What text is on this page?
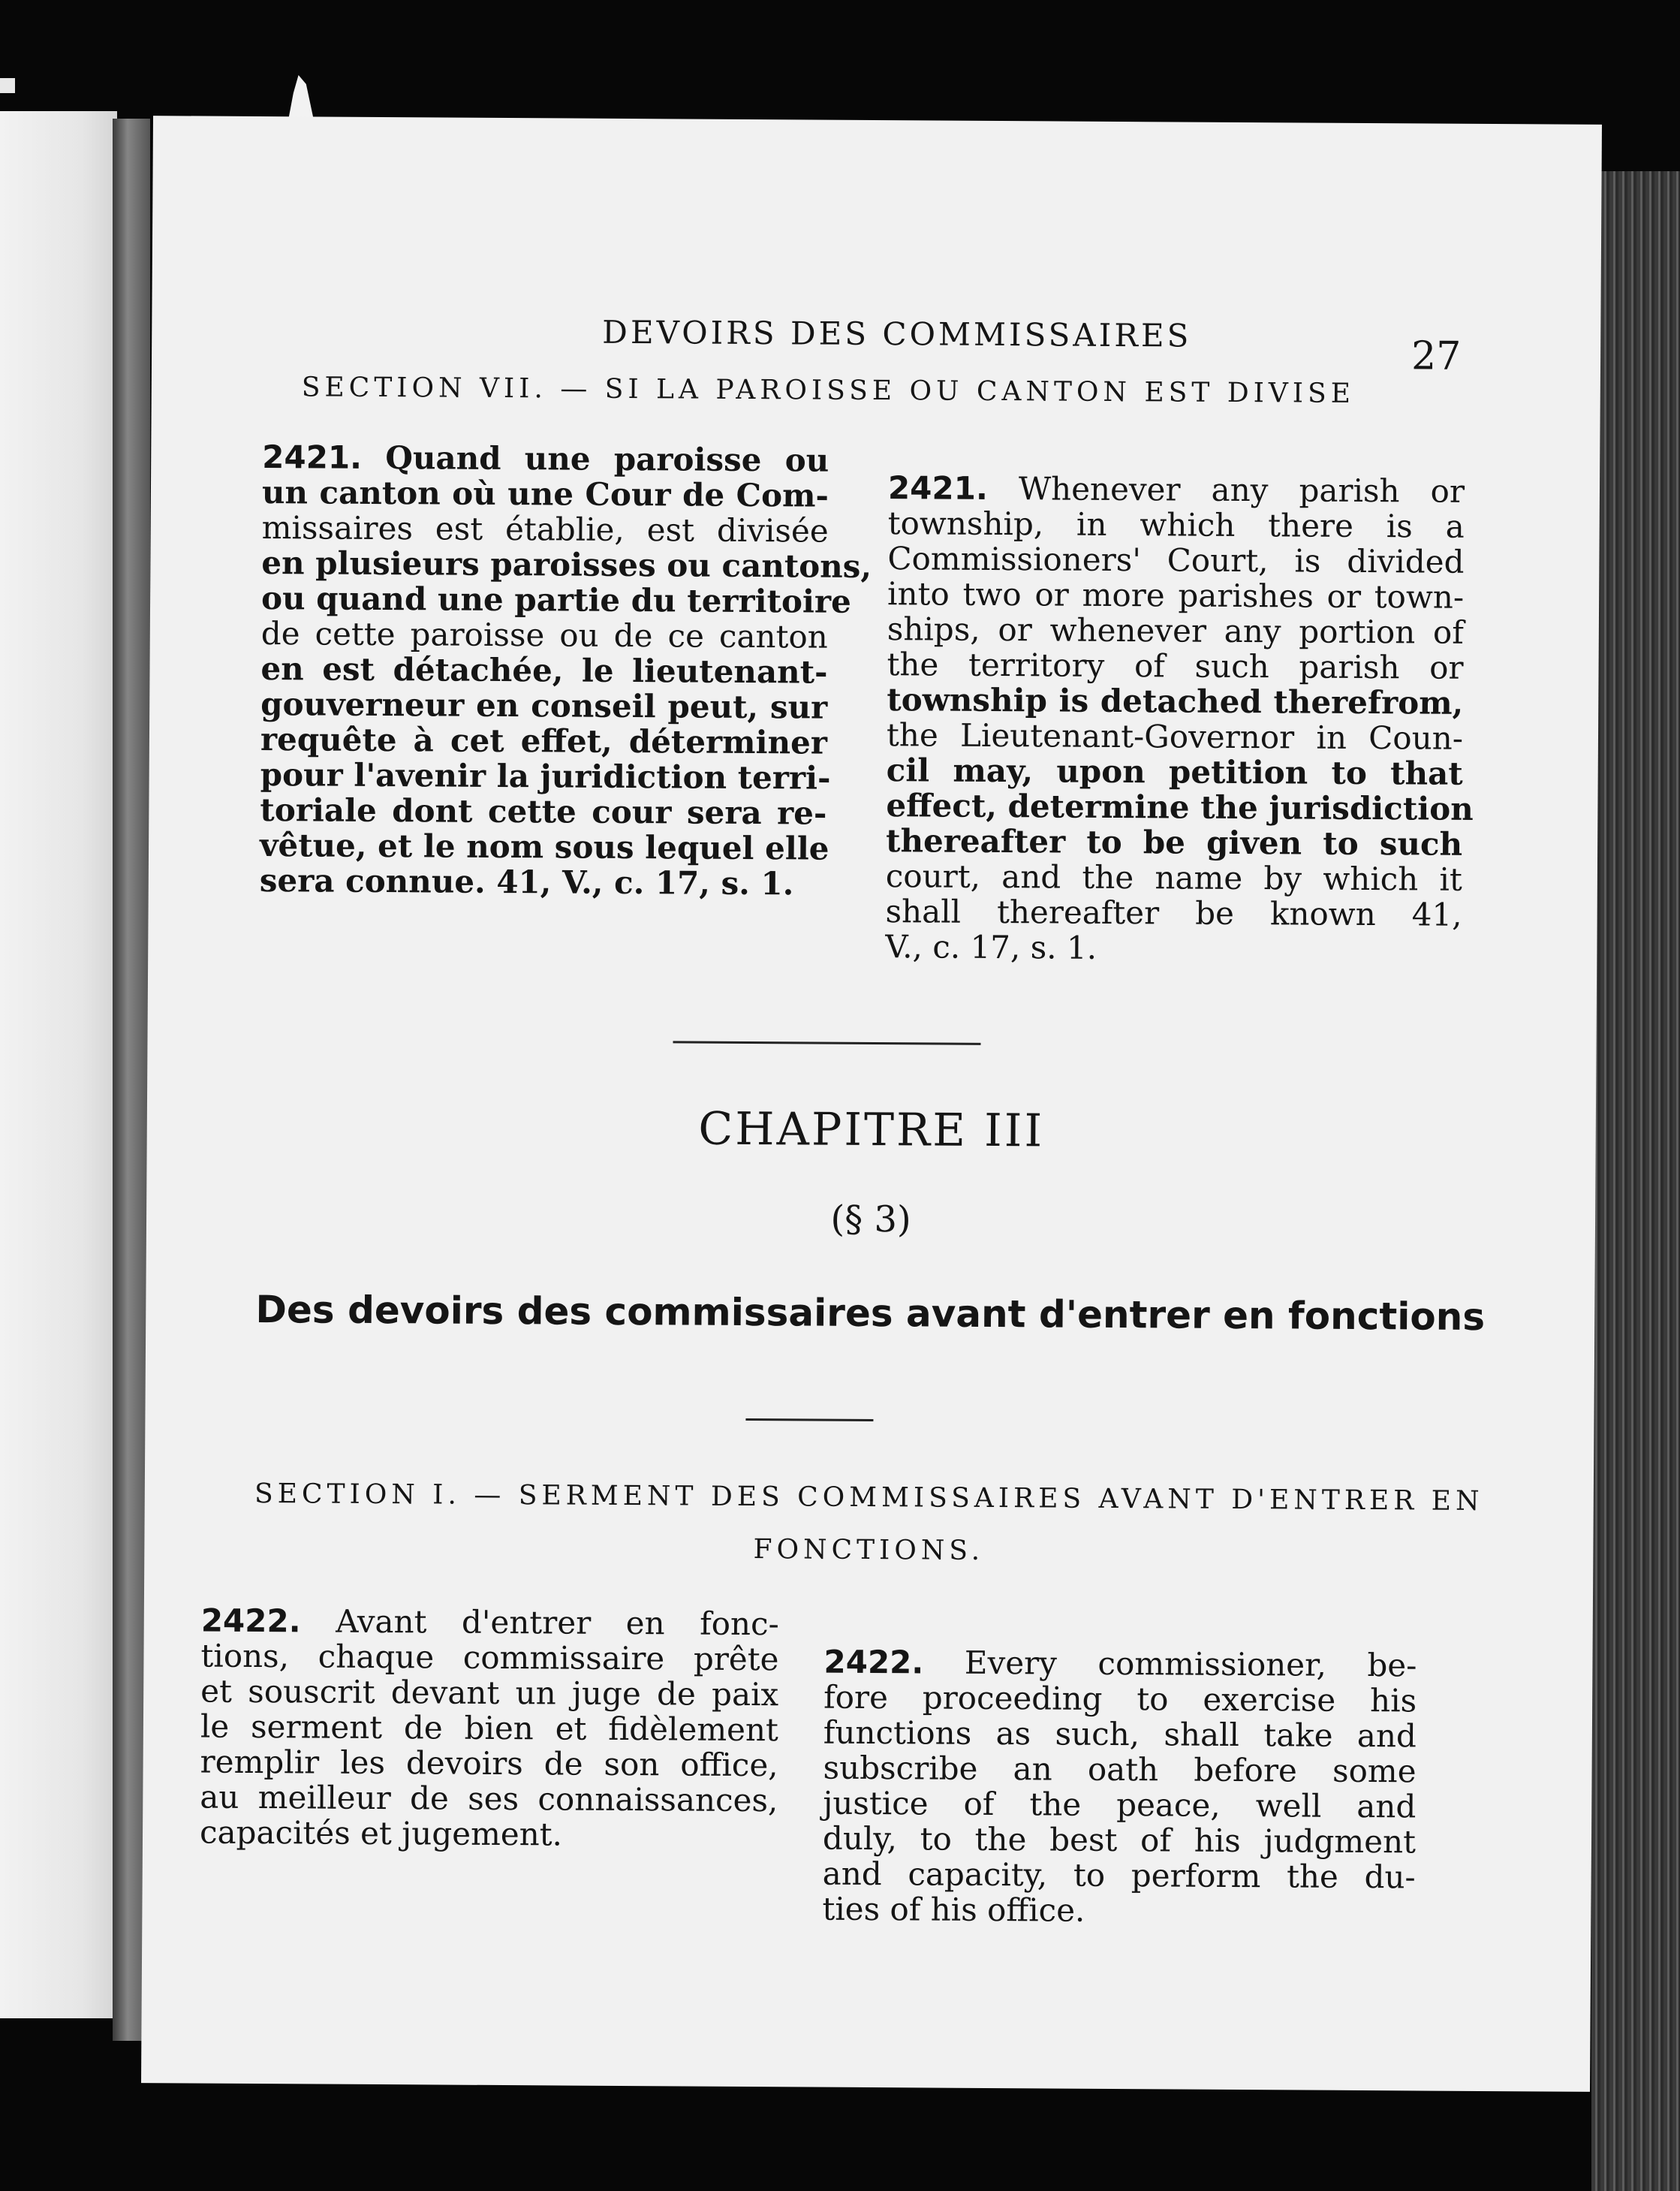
DEVOIRS DES COMMISSAIRES	27
SECTION VII. — SI LA PAROISSE OU CANTON EST DIVISE
2421. Quand une paroisse ou
un canton où une Cour de Com-
missaires est établie, est divisée
en plusieurs paroisses ou cantons,
ou quand une partie du territoire
de cette paroisse ou de ce canton
en est détachée, le lieutenant-
gouverneur en conseil peut, sur
requête à cet effet, déterminer
pour l'avenir la juridiction terri-
toriale dont cette cour sera re-
vêtue, et le nom sous lequel elle
sera connue. 41, V., c. 17, s. 1.
2421. Whenever any parish or
township, in which there is a
Commissioners' Court, is divided
into two or more parishes or town-
ships, or whenever any portion of
the territory of such parish or
township is detached therefrom,
the Lieutenant-Governor in Coun-
cil may, upon petition to that
effect, determine the jurisdiction
thereafter to be given to such
court, and the name by which it
shall thereafter be known 41,
V., c. 17, s. 1.
CHAPITRE III
(§ 3)
Des devoirs des commissaires avant d'entrer en fonctions
SECTION I. — SERMENT DES COMMISSAIRES AVANT D'ENTRER EN
FONCTIONS.
2422. Avant d'entrer en fonc-
tions, chaque commissaire prête
et souscrit devant un juge de paix
le serment de bien et fidèlement
remplir les devoirs de son office,
au meilleur de ses connaissances,
capacités et jugement.
2422. Every commissioner, be-
fore proceeding to exercise his
functions as such, shall take and
subscribe an oath before some
justice of the peace, well and
duly, to the best of his judgment
and capacity, to perform the du-
ties of his office.
